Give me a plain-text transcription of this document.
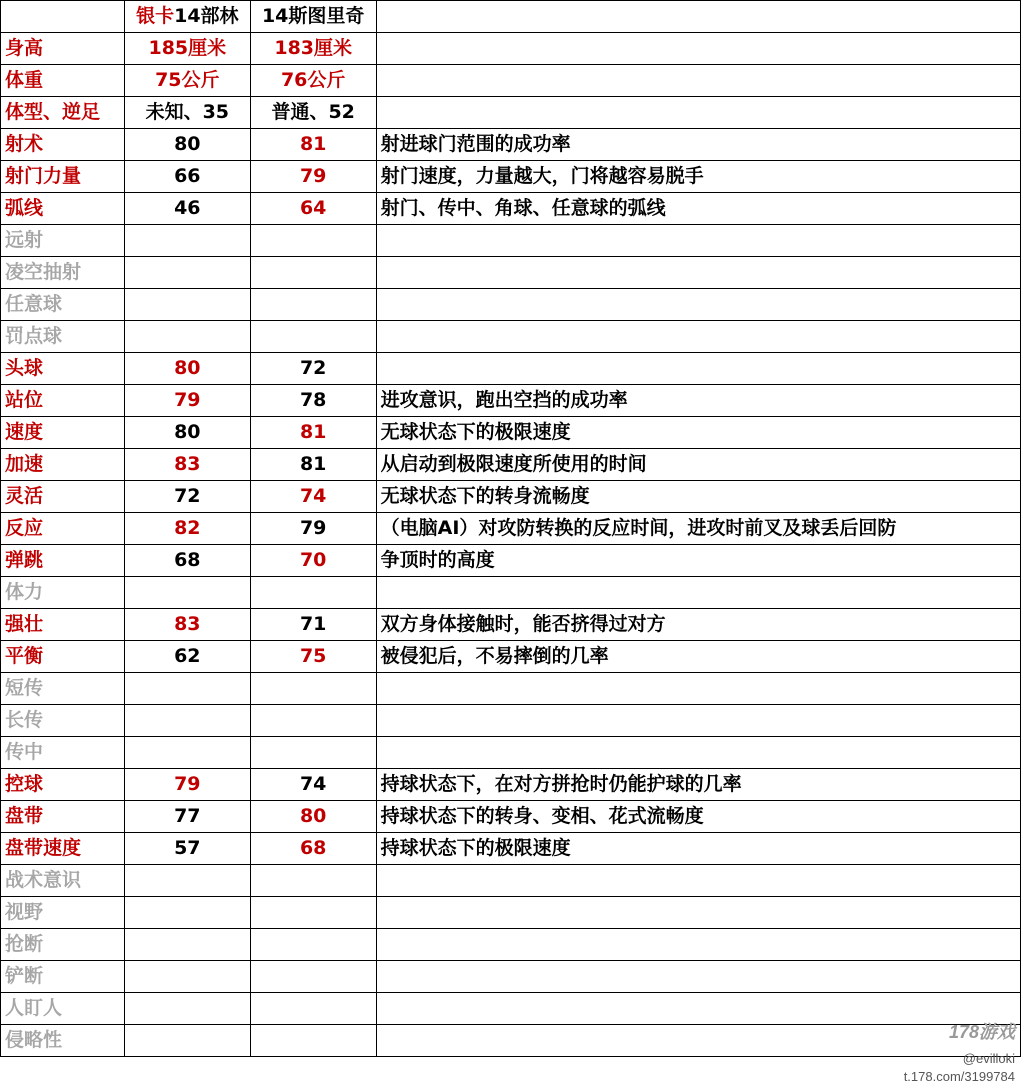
	银卡14部林	14斯图里奇	
身高	185厘米	183厘米	
体重	75公斤	76公斤	
体型、逆足	未知、35	普通、52	
射术	80	81	射进球门范围的成功率
射门力量	66	79	射门速度，力量越大，门将越容易脱手
弧线	46	64	射门、传中、角球、任意球的弧线
远射			
凌空抽射			
任意球			
罚点球			
头球	80	72	
站位	79	78	进攻意识，跑出空挡的成功率
速度	80	81	无球状态下的极限速度
加速	83	81	从启动到极限速度所使用的时间
灵活	72	74	无球状态下的转身流畅度
反应	82	79	（电脑AI）对攻防转换的反应时间，进攻时前叉及球丢后回防
弹跳	68	70	争顶时的高度
体力			
强壮	83	71	双方身体接触时，能否挤得过对方
平衡	62	75	被侵犯后，不易摔倒的几率
短传			
长传			
传中			
控球	79	74	持球状态下，在对方拼抢时仍能护球的几率
盘带	77	80	持球状态下的转身、变相、花式流畅度
盘带速度	57	68	持球状态下的极限速度
战术意识			
视野			
抢断			
铲断			
人盯人			
侵略性				178游戏
@evilloki
t.178.com/3199784
